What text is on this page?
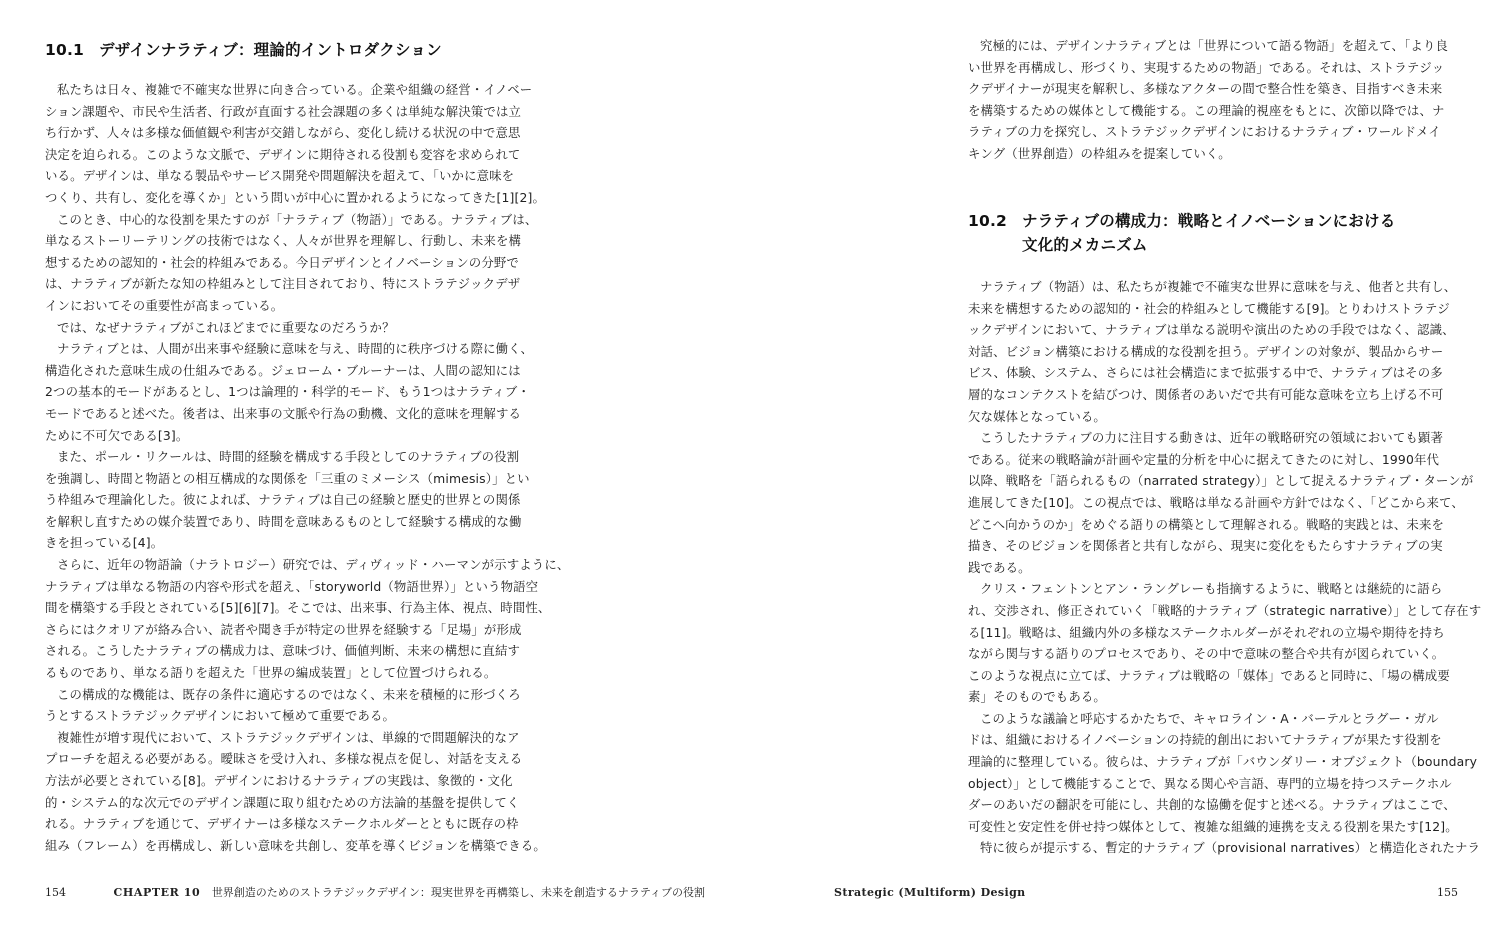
10.1 デザインナラティブ：理論的イントロダクション
私たちは日々、複雑で不確実な世界に向き合っている。企業や組織の経営・イノベー
ション課題や、市民や生活者、行政が直面する社会課題の多くは単純な解決策では立
ち行かず、人々は多様な価値観や利害が交錯しながら、変化し続ける状況の中で意思
決定を迫られる。このような文脈で、デザインに期待される役割も変容を求められて
いる。デザインは、単なる製品やサービス開発や問題解決を超えて、「いかに意味を
つくり、共有し、変化を導くか」という問いが中心に置かれるようになってきた[1][2]。
このとき、中心的な役割を果たすのが「ナラティブ（物語）」である。ナラティブは、
単なるストーリーテリングの技術ではなく、人々が世界を理解し、行動し、未来を構
想するための認知的・社会的枠組みである。今日デザインとイノベーションの分野で
は、ナラティブが新たな知の枠組みとして注目されており、特にストラテジックデザ
インにおいてその重要性が高まっている。
では、なぜナラティブがこれほどまでに重要なのだろうか？
ナラティブとは、人間が出来事や経験に意味を与え、時間的に秩序づける際に働く、
構造化された意味生成の仕組みである。ジェローム・ブルーナーは、人間の認知には
2つの基本的モードがあるとし、1つは論理的・科学的モード、もう1つはナラティブ・
モードであると述べた。後者は、出来事の文脈や行為の動機、文化的意味を理解する
ために不可欠である[3]。
また、ポール・リクールは、時間的経験を構成する手段としてのナラティブの役割
を強調し、時間と物語との相互構成的な関係を「三重のミメーシス（mimesis）」とい
う枠組みで理論化した。彼によれば、ナラティブは自己の経験と歴史的世界との関係
を解釈し直すための媒介装置であり、時間を意味あるものとして経験する構成的な働
きを担っている[4]。
さらに、近年の物語論（ナラトロジー）研究では、ディヴィッド・ハーマンが示すように、
ナラティブは単なる物語の内容や形式を超え、「storyworld（物語世界）」という物語空
間を構築する手段とされている[5][6][7]。そこでは、出来事、行為主体、視点、時間性、
さらにはクオリアが絡み合い、読者や聞き手が特定の世界を経験する「足場」が形成
される。こうしたナラティブの構成力は、意味づけ、価値判断、未来の構想に直結す
るものであり、単なる語りを超えた「世界の編成装置」として位置づけられる。
この構成的な機能は、既存の条件に適応するのではなく、未来を積極的に形づくろ
うとするストラテジックデザインにおいて極めて重要である。
複雑性が増す現代において、ストラテジックデザインは、単線的で問題解決的なア
プローチを超える必要がある。曖昧さを受け入れ、多様な視点を促し、対話を支える
方法が必要とされている[8]。デザインにおけるナラティブの実践は、象徴的・文化
的・システム的な次元でのデザイン課題に取り組むための方法論的基盤を提供してく
れる。ナラティブを通じて、デザイナーは多様なステークホルダーとともに既存の枠
組み（フレーム）を再構成し、新しい意味を共創し、変革を導くビジョンを構築できる。
154	CHAPTER 10 世界創造のためのストラテジックデザイン：現実世界を再構築し、未来を創造するナラティブの役割
究極的には、デザインナラティブとは「世界について語る物語」を超えて、「より良
い世界を再構成し、形づくり、実現するための物語」である。それは、ストラテジッ
クデザイナーが現実を解釈し、多様なアクターの間で整合性を築き、目指すべき未来
を構築するための媒体として機能する。この理論的視座をもとに、次節以降では、ナ
ラティブの力を探究し、ストラテジックデザインにおけるナラティブ・ワールドメイ
キング（世界創造）の枠組みを提案していく。
10.2 ナラティブの構成力：戦略とイノベーションにおける
文化的メカニズム
ナラティブ（物語）は、私たちが複雑で不確実な世界に意味を与え、他者と共有し、
未来を構想するための認知的・社会的枠組みとして機能する[9]。とりわけストラテジ
ックデザインにおいて、ナラティブは単なる説明や演出のための手段ではなく、認識、
対話、ビジョン構築における構成的な役割を担う。デザインの対象が、製品からサー
ビス、体験、システム、さらには社会構造にまで拡張する中で、ナラティブはその多
層的なコンテクストを結びつけ、関係者のあいだで共有可能な意味を立ち上げる不可
欠な媒体となっている。
こうしたナラティブの力に注目する動きは、近年の戦略研究の領域においても顕著
である。従来の戦略論が計画や定量的分析を中心に据えてきたのに対し、1990年代
以降、戦略を「語られるもの（narrated strategy）」として捉えるナラティブ・ターンが
進展してきた[10]。この視点では、戦略は単なる計画や方針ではなく、「どこから来て、
どこへ向かうのか」をめぐる語りの構築として理解される。戦略的実践とは、未来を
描き、そのビジョンを関係者と共有しながら、現実に変化をもたらすナラティブの実
践である。
クリス・フェントンとアン・ラングレーも指摘するように、戦略とは継続的に語ら
れ、交渉され、修正されていく「戦略的ナラティブ（strategic narrative）」として存在す
る[11]。戦略は、組織内外の多様なステークホルダーがそれぞれの立場や期待を持ち
ながら関与する語りのプロセスであり、その中で意味の整合や共有が図られていく。
このような視点に立てば、ナラティブは戦略の「媒体」であると同時に、「場の構成要
素」そのものでもある。
このような議論と呼応するかたちで、キャロライン・A・バーテルとラグー・ガル
ドは、組織におけるイノベーションの持続的創出においてナラティブが果たす役割を
理論的に整理している。彼らは、ナラティブが「バウンダリー・オブジェクト（boundary
object）」として機能することで、異なる関心や言語、専門的立場を持つステークホル
ダーのあいだの翻訳を可能にし、共創的な協働を促すと述べる。ナラティブはここで、
可変性と安定性を併せ持つ媒体として、複雑な組織的連携を支える役割を果たす[12]。
特に彼らが提示する、暫定的ナラティブ（provisional narratives）と構造化されたナラ
Strategic (Multiform) Design	155
